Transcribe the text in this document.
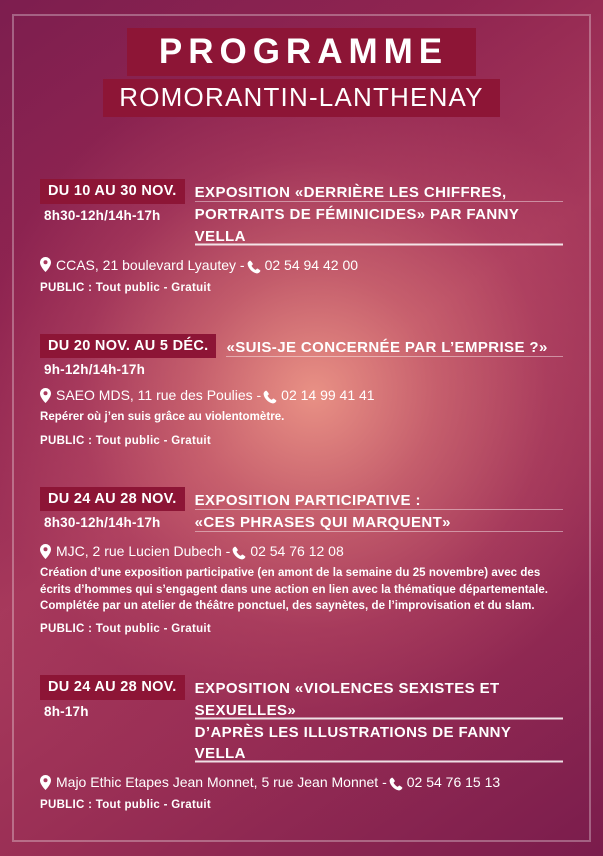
PROGRAMME
ROMORANTIN-LANTHENAY
DU 10 AU 30 NOV.
8h30-12h/14h-17h
EXPOSITION «DERRIÈRE LES CHIFFRES,
PORTRAITS DE FÉMINICIDES» PAR FANNY VELLA
CCAS, 21 boulevard Lyautey - 02 54 94 42 00
PUBLIC : Tout public - Gratuit
DU 20 NOV. AU 5 DÉC.
9h-12h/14h-17h
«SUIS-JE CONCERNÉE PAR L’EMPRISE ?»
SAEO MDS, 11 rue des Poulies - 02 14 99 41 41
Repérer où j’en suis grâce au violentomètre.
PUBLIC : Tout public - Gratuit
DU 24 AU 28 NOV.
8h30-12h/14h-17h
EXPOSITION PARTICIPATIVE :
«CES PHRASES QUI MARQUENT»
MJC, 2 rue Lucien Dubech - 02 54 76 12 08
Création d’une exposition participative (en amont de la semaine du 25 novembre) avec des écrits d’hommes qui s’engagent dans une action en lien avec la thématique départementale. Complétée par un atelier de théâtre ponctuel, des saynètes, de l’improvisation et du slam.
PUBLIC : Tout public - Gratuit
DU 24 AU 28 NOV.
8h-17h
EXPOSITION «VIOLENCES SEXISTES ET SEXUELLES»
D’APRÈS LES ILLUSTRATIONS DE FANNY VELLA
Majo Ethic Etapes Jean Monnet, 5 rue Jean Monnet - 02 54 76 15 13
PUBLIC : Tout public - Gratuit
